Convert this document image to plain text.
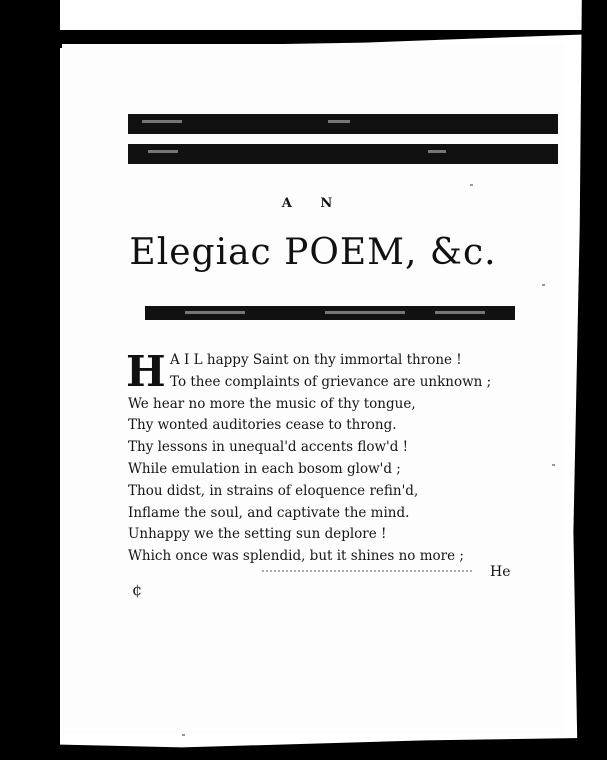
A N
Elegiac POEM, &c.
H A I L happy Saint on thy immortal throne !
To thee complaints of grievance are unknown ;
We hear no more the music of thy tongue,
Thy wonted auditories cease to throng.
Thy lessons in unequal'd accents flow'd !
While emulation in each bosom glow'd ;
Thou didst, in strains of eloquence refin'd,
Inflame the soul, and captivate the mind.
Unhappy we the setting sun deplore !
Which once was splendid, but it shines no more ;
He
¢
